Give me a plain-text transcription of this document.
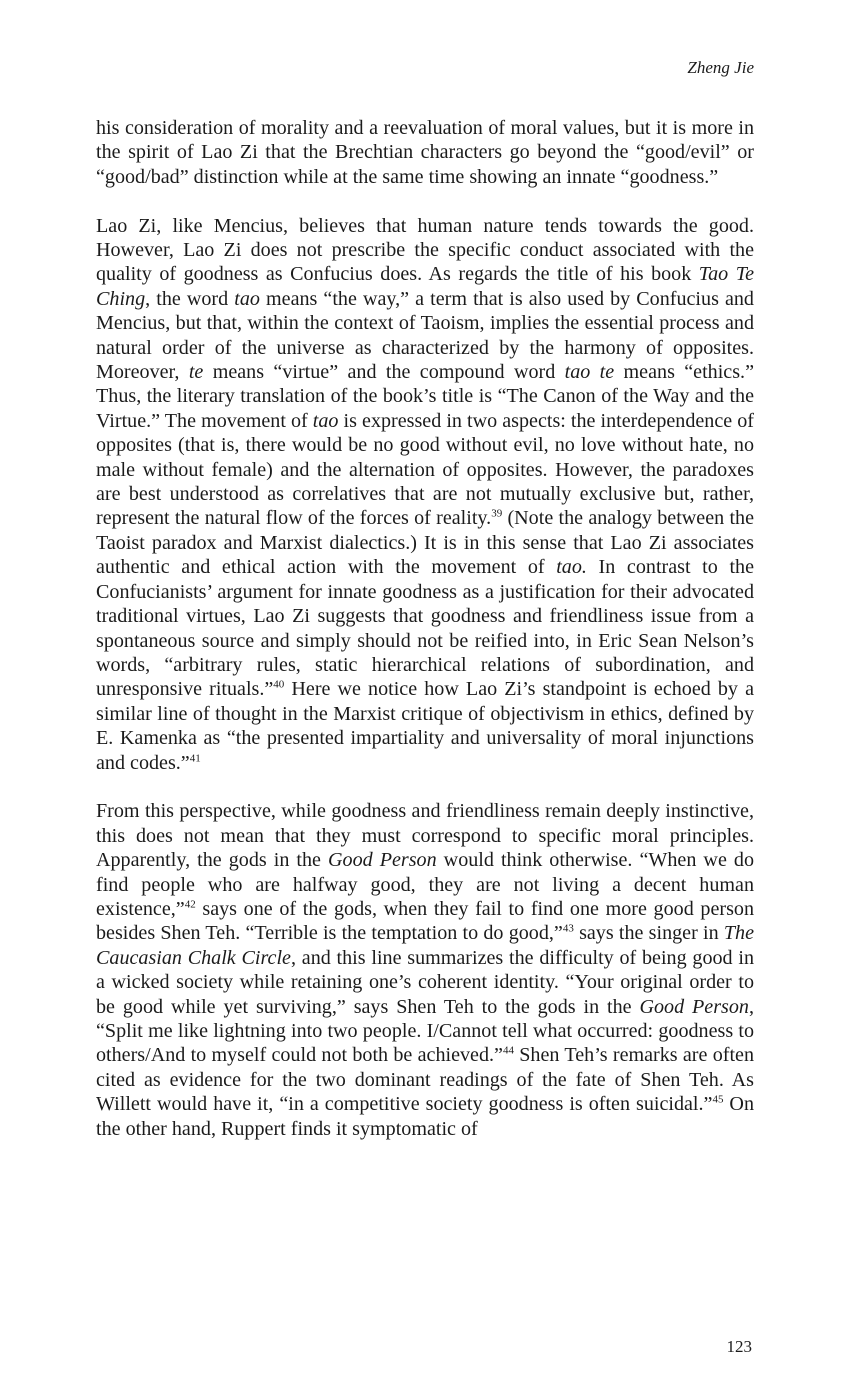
Zheng Jie

his consideration of morality and a reevaluation of moral values, but it is more in the spirit of Lao Zi that the Brechtian characters go beyond the “good/evil” or “good/bad” distinction while at the same time showing an innate “goodness.”

Lao Zi, like Mencius, believes that human nature tends towards the good. However, Lao Zi does not prescribe the specific conduct associated with the quality of goodness as Confucius does. As regards the title of his book Tao Te Ching, the word tao means “the way,” a term that is also used by Confucius and Mencius, but that, within the context of Taoism, implies the essential process and natural order of the universe as characterized by the harmony of opposites. Moreover, te means “virtue” and the compound word tao te means “ethics.” Thus, the literary translation of the book’s title is “The Canon of the Way and the Virtue.” The movement of tao is expressed in two aspects: the interdependence of opposites (that is, there would be no good without evil, no love without hate, no male without female) and the alternation of opposites. However, the paradoxes are best understood as correlatives that are not mutually exclusive but, rather, represent the natural flow of the forces of reality.$^{39}$ (Note the analogy between the Taoist paradox and Marxist dialectics.) It is in this sense that Lao Zi associates authentic and ethical action with the movement of tao. In contrast to the Confucianists’ argument for innate goodness as a justification for their advocated traditional virtues, Lao Zi suggests that goodness and friendliness issue from a spontaneous source and simply should not be reified into, in Eric Sean Nelson’s words, “arbitrary rules, static hierarchical relations of subordination, and unresponsive rituals.”$^{40}$ Here we notice how Lao Zi’s standpoint is echoed by a similar line of thought in the Marxist critique of objectivism in ethics, defined by E. Kamenka as “the presented impartiality and universality of moral injunctions and codes.”$^{41}$

From this perspective, while goodness and friendliness remain deeply instinctive, this does not mean that they must correspond to specific moral principles. Apparently, the gods in the Good Person would think otherwise. “When we do find people who are halfway good, they are not living a decent human existence,”$^{42}$ says one of the gods, when they fail to find one more good person besides Shen Teh. “Terrible is the temptation to do good,”$^{43}$ says the singer in The Caucasian Chalk Circle, and this line summarizes the difficulty of being good in a wicked society while retaining one’s coherent identity. “Your original order to be good while yet surviving,” says Shen Teh to the gods in the Good Person, “Split me like lightning into two people. I/Cannot tell what occurred: goodness to others/And to myself could not both be achieved.”$^{44}$ Shen Teh’s remarks are often cited as evidence for the two dominant readings of the fate of Shen Teh. As Willett would have it, “in a competitive society goodness is often suicidal.”$^{45}$ On the other hand, Ruppert finds it symptomatic of

123
